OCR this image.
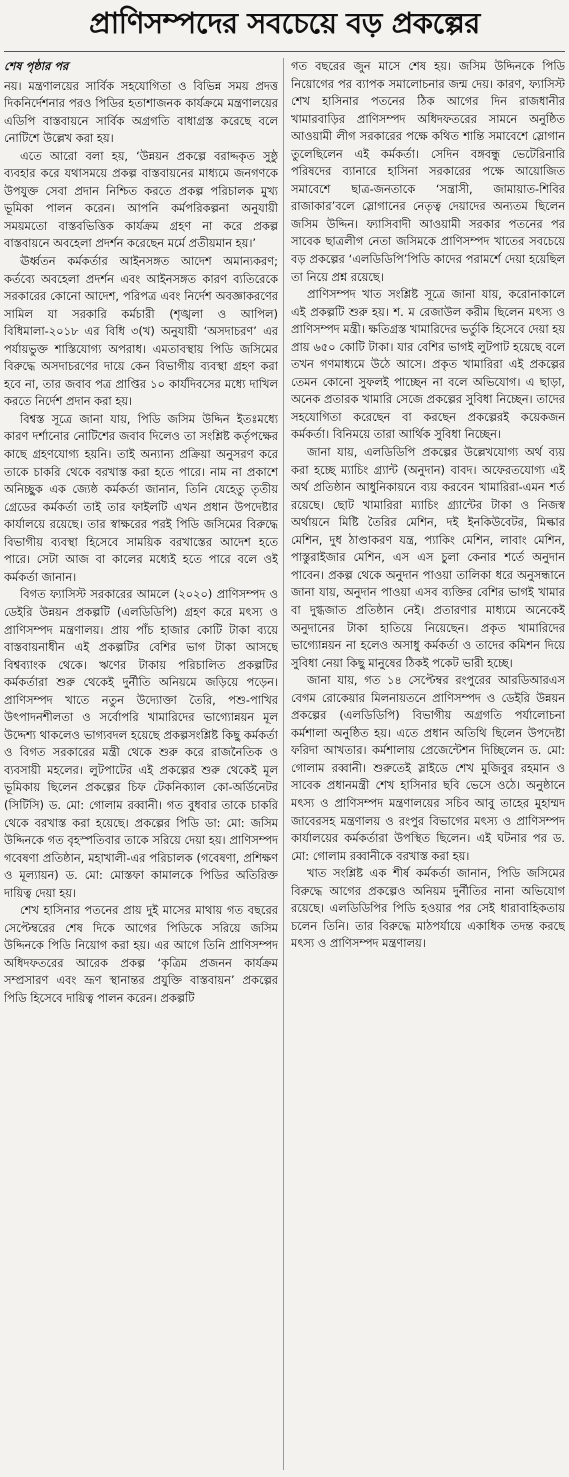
প্রাণিসম্পদের সবচেয়ে বড় প্রকল্পের

শেষ পৃষ্ঠার পর

নয়। মন্ত্রণালয়ের সার্বিক সহযোগিতা ও বিভিন্ন সময় প্রদত্ত দিকনির্দেশনার পরও পিডির হতাশাজনক কার্যক্রমে মন্ত্রণালয়ের এডিপি বাস্তবায়নে সার্বিক অগ্রগতি বাধাগ্রস্ত করেছে বলে নোটিশে উল্লেখ করা হয়।

এতে আরো বলা হয়, ‘উন্নয়ন প্রকল্পে বরাদ্দকৃত সুষ্ঠু ব্যবহার করে যথাসময়ে প্রকল্প বাস্তবায়নের মাধ্যমে জনগণকে উপযুক্ত সেবা প্রদান নিশ্চিত করতে প্রকল্প পরিচালক মুখ্য ভূমিকা পালন করেন। আপনি কর্মপরিকল্পনা অনুযায়ী সময়মতো বাস্তবভিত্তিক কার্যক্রম গ্রহণ না করে প্রকল্প বাস্তবায়নে অবহেলা প্রদর্শন করেছেন মর্মে প্রতীয়মান হয়।’

ঊর্ধ্বতন কর্মকর্তার আইনসঙ্গত আদেশ অমান্যকরণ; কর্তব্যে অবহেলা প্রদর্শন এবং আইনসঙ্গত কারণ ব্যতিরেকে সরকারের কোনো আদেশ, পরিপত্র এবং নির্দেশ অবজ্ঞাকরণের সামিল যা সরকারি কর্মচারী (শৃঙ্খলা ও আপিল) বিধিমালা-২০১৮ এর বিধি ৩(খ) অনুযায়ী ‘অসদাচরণ’ এর পর্যায়ভুক্ত শাস্তিযোগ্য অপরাধ। এমতাবস্থায় পিডি জসিমের বিরুদ্ধে অসদাচরণের দায়ে কেন বিভাগীয় ব্যবস্থা গ্রহণ করা হবে না, তার জবাব পত্র প্রাপ্তির ১০ কার্যদিবসের মধ্যে দাখিল করতে নির্দেশ প্রদান করা হয়।

বিশ্বস্ত সূত্রে জানা যায়, পিডি জসিম উদ্দিন ইতঃমধ্যে কারণ দর্শানোর নোটিশের জবাব দিলেও তা সংশ্লিষ্ট কর্তৃপক্ষের কাছে গ্রহণযোগ্য হয়নি। তাই অন্যান্য প্রক্রিয়া অনুসরণ করে তাকে চাকরি থেকে বরখাস্ত করা হতে পারে। নাম না প্রকাশে অনিচ্ছুক এক জ্যেষ্ঠ কর্মকর্তা জানান, তিনি যেহেতু তৃতীয় গ্রেডের কর্মকর্তা তাই তার ফাইলটি এখন প্রধান উপদেষ্টার কার্যালয়ে রয়েছে। তার স্বাক্ষরের পরই পিডি জসিমের বিরুদ্ধে বিভাগীয় ব্যবস্থা হিসেবে সাময়িক বরখাস্তের আদেশ হতে পারে। সেটা আজ বা কালের মধ্যেই হতে পারে বলে ওই কর্মকর্তা জানান।

বিগত ফ্যাসিস্ট সরকারের আমলে (২০২০) প্রাণিসম্পদ ও ডেইরি উন্নয়ন প্রকল্পটি (এলডিডিপি) গ্রহণ করে মৎস্য ও প্রাণিসম্পদ মন্ত্রণালয়। প্রায় পাঁচ হাজার কোটি টাকা ব্যয়ে বাস্তবায়নাধীন এই প্রকল্পটির বেশির ভাগ টাকা আসছে বিশ্বব্যাংক থেকে। ঋণের টাকায় পরিচালিত প্রকল্পটির কর্মকর্তারা শুরু থেকেই দুর্নীতি অনিয়মে জড়িয়ে পড়েন। প্রাণিসম্পদ খাতে নতুন উদ্যোক্তা তৈরি, পশু-পাখির উৎপাদনশীলতা ও সর্বোপরি খামারিদের ভাগ্যোন্নয়ন মূল উদ্দেশ্য থাকলেও ভাগ্যবদল হয়েছে প্রকল্পসংশ্লিষ্ট কিছু কর্মকর্তা ও বিগত সরকারের মন্ত্রী থেকে শুরু করে রাজনৈতিক ও ব্যবসায়ী মহলের। লুটপাটের এই প্রকল্পের শুরু থেকেই মূল ভূমিকায় ছিলেন প্রকল্পের চিফ টেকনিক্যাল কো-অর্ডিনেটর (সিটিসি) ড. মো: গোলাম রব্বানী। গত বুধবার তাকে চাকরি থেকে বরখাস্ত করা হয়েছে। প্রকল্পের পিডি ডা: মো: জসিম উদ্দিনকে গত বৃহস্পতিবার তাকে সরিয়ে দেয়া হয়। প্রাণিসম্পদ গবেষণা প্রতিষ্ঠান, মহাখালী-এর পরিচালক (গবেষণা, প্রশিক্ষণ ও মূল্যায়ন) ড. মো: মোস্তফা কামালকে পিডির অতিরিক্ত দায়িত্ব দেয়া হয়।

শেখ হাসিনার পতনের প্রায় দুই মাসের মাথায় গত বছরের সেপ্টেম্বরের শেষ দিকে আগের পিডিকে সরিয়ে জসিম উদ্দিনকে পিডি নিয়োগ করা হয়। এর আগে তিনি প্রাণিসম্পদ অধিদফতরের আরেক প্রকল্প ‘কৃত্রিম প্রজনন কার্যক্রম সম্প্রসারণ এবং ভ্রূণ স্থানান্তর প্রযুক্তি বাস্তবায়ন’ প্রকল্পের পিডি হিসেবে দায়িত্ব পালন করেন। প্রকল্পটি

গত বছরের জুন মাসে শেষ হয়। জসিম উদ্দিনকে পিডি নিয়োগের পর ব্যাপক সমালোচনার জন্ম দেয়। কারণ, ফ্যাসিস্ট শেখ হাসিনার পতনের ঠিক আগের দিন রাজধানীর খামারবাড়ির প্রাণিসম্পদ অধিদফতরের সামনে অনুষ্ঠিত আওয়ামী লীগ সরকারের পক্ষে কথিত শান্তি সমাবেশে স্লোগান তুলেছিলেন এই কর্মকর্তা। সেদিন বঙ্গবন্ধু ভেটেরিনারি পরিষদের ব্যানারে হাসিনা সরকারের পক্ষে আয়োজিত সমাবেশে ছাত্র-জনতাকে ‘সন্ত্রাসী, জামায়াত-শিবির রাজাকার’বলে স্লোগানের নেতৃত্ব দেয়াদের অন্যতম ছিলেন জসিম উদ্দিন। ফ্যাসিবাদী আওয়ামী সরকার পতনের পর সাবেক ছাত্রলীগ নেতা জসিমকে প্রাণিসম্পদ খাতের সবচেয়ে বড় প্রকল্পের ‘এলডিডিপি’পিডি কাদের পরামর্শে দেয়া হয়েছিল তা নিয়ে প্রশ্ন রয়েছে।

প্রাণিসম্পদ খাত সংশ্লিষ্ট সূত্রে জানা যায়, করোনাকালে এই প্রকল্পটি শুরু হয়। শ. ম রেজাউল করীম ছিলেন মৎস্য ও প্রাণিসম্পদ মন্ত্রী। ক্ষতিগ্রস্ত খামারিদের ভর্তুকি হিসেবে দেয়া হয় প্রায় ৬৫০ কোটি টাকা। যার বেশির ভাগই লুটপাট হয়েছে বলে তখন গণমাধ্যমে উঠে আসে। প্রকৃত খামারিরা এই প্রকল্পের তেমন কোনো সুফলই পাচ্ছেন না বলে অভিযোগ। এ ছাড়া, অনেক প্রতারক খামারি সেজে প্রকল্পের সুবিধা নিচ্ছেন। তাদের সহযোগিতা করেছেন বা করছেন প্রকল্পেরই কয়েকজন কর্মকর্তা। বিনিময়ে তারা আর্থিক সুবিধা নিচ্ছেন।

জানা যায়, এলডিডিপি প্রকল্পের উল্লেখযোগ্য অর্থ ব্যয় করা হচ্ছে ম্যাচিং গ্র্যান্ট (অনুদান) বাবদ। অফেরতযোগ্য এই অর্থ প্রতিষ্ঠান আধুনিকায়নে ব্যয় করবেন খামারিরা-এমন শর্ত রয়েছে। ছোট খামারিরা ম্যাচিং গ্র্যান্টের টাকা ও নিজস্ব অর্থায়নে মিষ্টি তৈরির মেশিন, দই ইনকিউবেটর, মিল্কার মেশিন, দুধ ঠাণ্ডাকরণ যন্ত্র, প্যাকিং মেশিন, লাবাং মেশিন, পাস্তুরাইজার মেশিন, এস এস চুলা কেনার শর্তে অনুদান পাবেন। প্রকল্প থেকে অনুদান পাওয়া তালিকা ধরে অনুসন্ধানে জানা যায়, অনুদান পাওয়া এসব ব্যক্তির বেশির ভাগই খামার বা দুগ্ধজাত প্রতিষ্ঠান নেই। প্রতারণার মাধ্যমে অনেকেই অনুদানের টাকা হাতিয়ে নিয়েছেন। প্রকৃত খামারিদের ভাগ্যোন্নয়ন না হলেও অসাধু কর্মকর্তা ও তাদের কমিশন দিয়ে সুবিধা নেয়া কিছু মানুষের ঠিকই পকেট ভারী হচ্ছে।

জানা যায়, গত ১৪ সেপ্টেম্বর রংপুরের আরডিআরএস বেগম রোকেয়ার মিলনায়তনে প্রাণিসম্পদ ও ডেইরি উন্নয়ন প্রকল্পের (এলডিডিপি) বিভাগীয় অগ্রগতি পর্যালোচনা কর্মশালা অনুষ্ঠিত হয়। এতে প্রধান অতিথি ছিলেন উপদেষ্টা ফরিদা আখতার। কর্মশালায় প্রেজেন্টেশন দিচ্ছিলেন ড. মো: গোলাম রব্বানী। শুরুতেই স্লাইডে শেখ মুজিবুর রহমান ও সাবেক প্রধানমন্ত্রী শেখ হাসিনার ছবি ভেসে ওঠে। অনুষ্ঠানে মৎস্য ও প্রাণিসম্পদ মন্ত্রণালয়ের সচিব আবু তাহের মুহাম্মদ জাবেরসহ মন্ত্রণালয় ও রংপুর বিভাগের মৎস্য ও প্রাণিসম্পদ কার্যালয়ের কর্মকর্তারা উপস্থিত ছিলেন। এই ঘটনার পর ড. মো: গোলাম রব্বানীকে বরখাস্ত করা হয়।

খাত সংশ্লিষ্ট এক শীর্ষ কর্মকর্তা জানান, পিডি জসিমের বিরুদ্ধে আগের প্রকল্পেও অনিয়ম দুর্নীতির নানা অভিযোগ রয়েছে। এলডিডিপির পিডি হওয়ার পর সেই ধারাবাহিকতায় চলেন তিনি। তার বিরুদ্ধে মাঠপর্যায়ে একাধিক তদন্ত করছে মৎস্য ও প্রাণিসম্পদ মন্ত্রণালয়।
